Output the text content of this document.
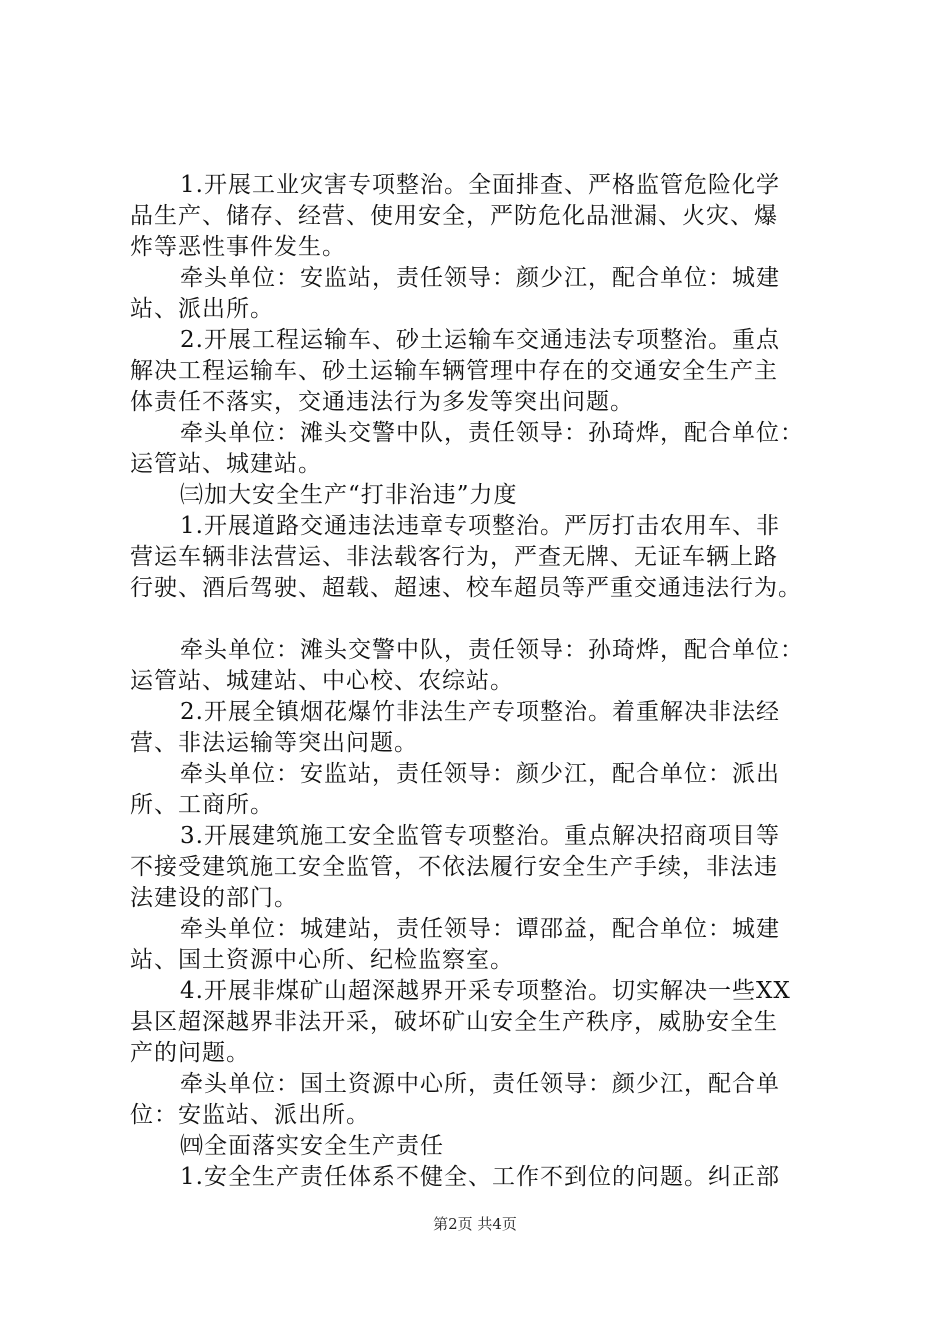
1.开展工业灾害专项整治。全面排查、严格监管危险化学
品生产、储存、经营、使用安全，严防危化品泄漏、火灾、爆
炸等恶性事件发生。
牵头单位：安监站，责任领导：颜少江，配合单位：城建
站、派出所。
2.开展工程运输车、砂土运输车交通违法专项整治。重点
解决工程运输车、砂土运输车辆管理中存在的交通安全生产主
体责任不落实，交通违法行为多发等突出问题。
牵头单位：滩头交警中队，责任领导：孙琦烨，配合单位：
运管站、城建站。
㈢加大安全生产“打非治违”力度
1.开展道路交通违法违章专项整治。严厉打击农用车、非
营运车辆非法营运、非法载客行为，严查无牌、无证车辆上路
行驶、酒后驾驶、超载、超速、校车超员等严重交通违法行为。
牵头单位：滩头交警中队，责任领导：孙琦烨，配合单位：
运管站、城建站、中心校、农综站。
2.开展全镇烟花爆竹非法生产专项整治。着重解决非法经
营、非法运输等突出问题。
牵头单位：安监站，责任领导：颜少江，配合单位：派出
所、工商所。
3.开展建筑施工安全监管专项整治。重点解决招商项目等
不接受建筑施工安全监管，不依法履行安全生产手续，非法违
法建设的部门。
牵头单位：城建站，责任领导：谭邵益，配合单位：城建
站、国土资源中心所、纪检监察室。
4.开展非煤矿山超深越界开采专项整治。切实解决一些XX
县区超深越界非法开采，破坏矿山安全生产秩序，威胁安全生
产的问题。
牵头单位：国土资源中心所，责任领导：颜少江，配合单
位：安监站、派出所。
㈣全面落实安全生产责任
1.安全生产责任体系不健全、工作不到位的问题。纠正部
第2页 共4页
